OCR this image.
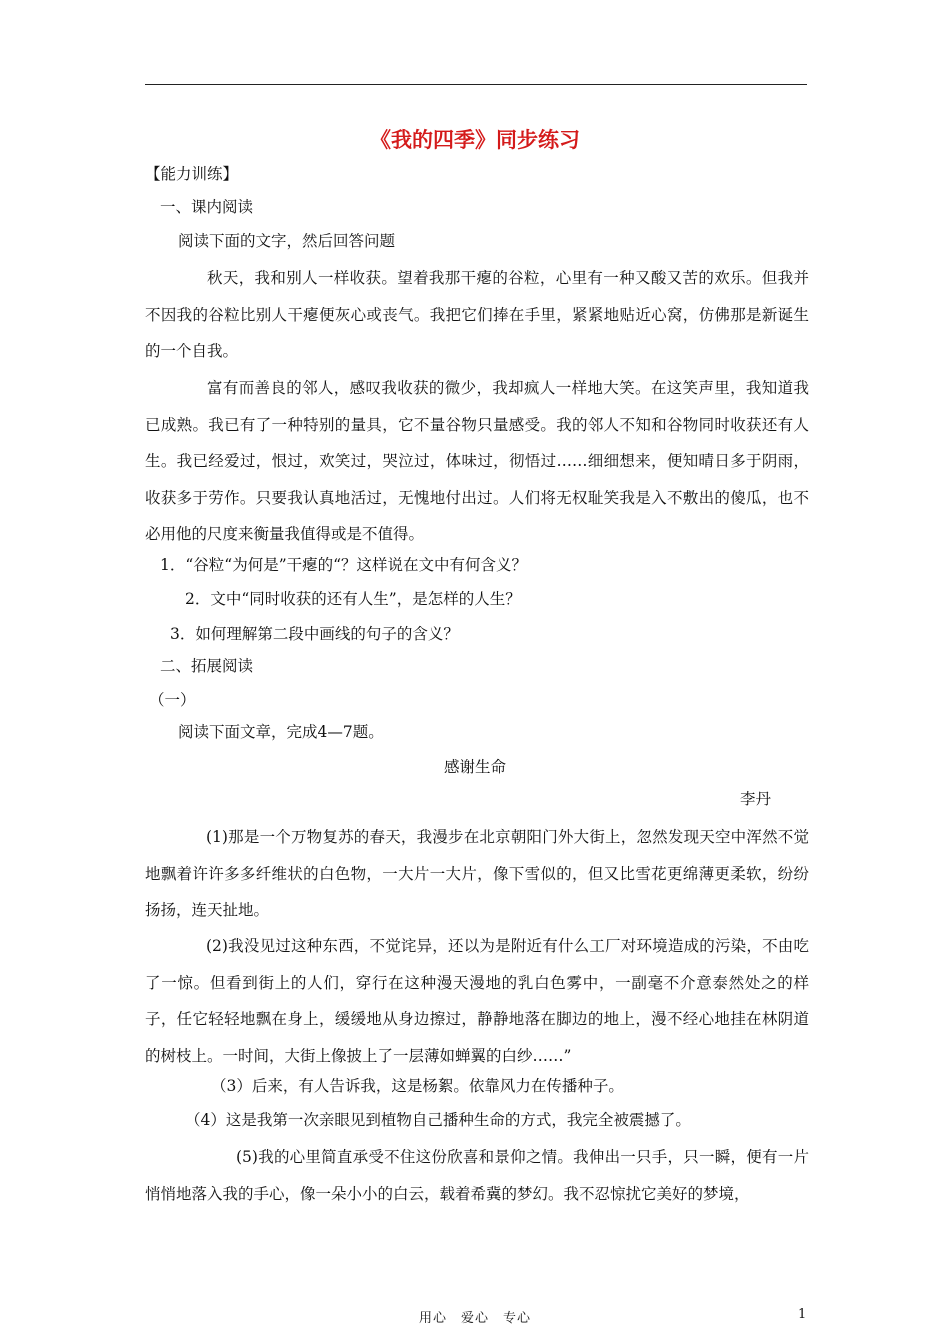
《我的四季》同步练习
【能力训练】
一、课内阅读
阅读下面的文字，然后回答问题
秋天，我和别人一样收获。望着我那干瘪的谷粒，心里有一种又酸又苦的欢乐。但我并不因我的谷粒比别人干瘪便灰心或丧气。我把它们捧在手里，紧紧地贴近心窝，仿佛那是新诞生的一个自我。
富有而善良的邻人，感叹我收获的微少，我却疯人一样地大笑。在这笑声里，我知道我已成熟。我已有了一种特别的量具，它不量谷物只量感受。我的邻人不知和谷物同时收获还有人生。我已经爱过，恨过，欢笑过，哭泣过，体味过，彻悟过……细细想来，便知晴日多于阴雨，收获多于劳作。只要我认真地活过，无愧地付出过。人们将无权耻笑我是入不敷出的傻瓜，也不必用他的尺度来衡量我值得或是不值得。
1．“谷粒“为何是”干瘪的“？这样说在文中有何含义？
2．文中“同时收获的还有人生”，是怎样的人生？
3．如何理解第二段中画线的句子的含义？
二、拓展阅读
（一）
阅读下面文章，完成4—7题。
感谢生命
李丹
(1)那是一个万物复苏的春天，我漫步在北京朝阳门外大街上，忽然发现天空中浑然不觉地飘着许许多多纤维状的白色物，一大片一大片，像下雪似的，但又比雪花更绵薄更柔软，纷纷扬扬，连天扯地。
(2)我没见过这种东西，不觉诧异，还以为是附近有什么工厂对环境造成的污染，不由吃了一惊。但看到街上的人们，穿行在这种漫天漫地的乳白色雾中，一副毫不介意泰然处之的样子，任它轻轻地飘在身上，缓缓地从身边擦过，静静地落在脚边的地上，漫不经心地挂在林阴道的树枝上。一时间，大街上像披上了一层薄如蝉翼的白纱……”
（3）后来，有人告诉我，这是杨絮。依靠风力在传播种子。
（4）这是我第一次亲眼见到植物自己播种生命的方式，我完全被震撼了。
(5)我的心里简直承受不住这份欣喜和景仰之情。我伸出一只手，只一瞬，便有一片悄悄地落入我的手心，像一朵小小的白云，载着希冀的梦幻。我不忍惊扰它美好的梦境，
用心　爱心　专心	1
